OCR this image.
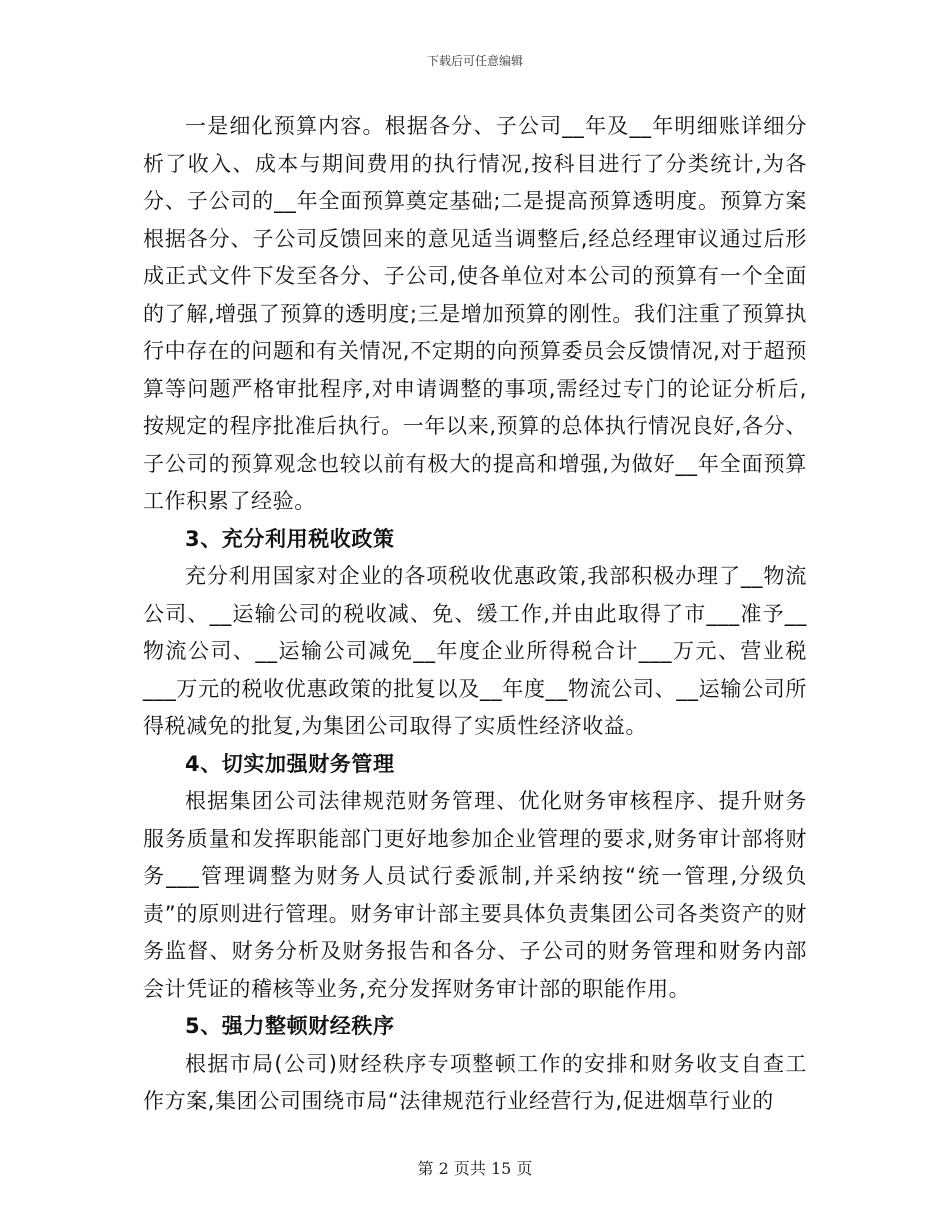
下载后可任意编辑

一是细化预算内容。根据各分、子公司__年及__年明细账详细分析了收入、成本与期间费用的执行情况,按科目进行了分类统计,为各分、子公司的__年全面预算奠定基础;二是提高预算透明度。预算方案根据各分、子公司反馈回来的意见适当调整后,经总经理审议通过后形成正式文件下发至各分、子公司,使各单位对本公司的预算有一个全面的了解,增强了预算的透明度;三是增加预算的刚性。我们注重了预算执行中存在的问题和有关情况,不定期的向预算委员会反馈情况,对于超预算等问题严格审批程序,对申请调整的事项,需经过专门的论证分析后,按规定的程序批准后执行。一年以来,预算的总体执行情况良好,各分、子公司的预算观念也较以前有极大的提高和增强,为做好__年全面预算工作积累了经验。

3、充分利用税收政策

充分利用国家对企业的各项税收优惠政策,我部积极办理了__物流公司、__运输公司的税收减、免、缓工作,并由此取得了市___准予__物流公司、__运输公司减免__年度企业所得税合计___万元、营业税___万元的税收优惠政策的批复以及__年度__物流公司、__运输公司所得税减免的批复,为集团公司取得了实质性经济收益。

4、切实加强财务管理

根据集团公司法律规范财务管理、优化财务审核程序、提升财务服务质量和发挥职能部门更好地参加企业管理的要求,财务审计部将财务___管理调整为财务人员试行委派制,并采纳按“统一管理,分级负责”的原则进行管理。财务审计部主要具体负责集团公司各类资产的财务监督、财务分析及财务报告和各分、子公司的财务管理和财务内部会计凭证的稽核等业务,充分发挥财务审计部的职能作用。

5、强力整顿财经秩序

根据市局(公司)财经秩序专项整顿工作的安排和财务收支自查工作方案,集团公司围绕市局“法律规范行业经营行为,促进烟草行业的

第 2 页共 15 页
